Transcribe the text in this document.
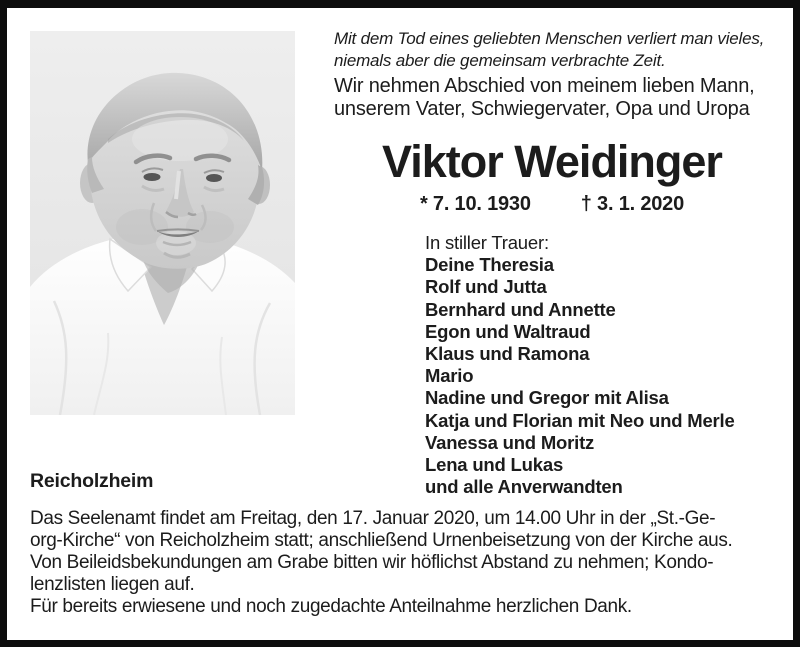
Mit dem Tod eines geliebten Menschen verliert man vieles,
niemals aber die gemeinsam verbrachte Zeit.
Wir nehmen Abschied von meinem lieben Mann,
unserem Vater, Schwiegervater, Opa und Uropa
Viktor Weidinger
* 7. 10. 1930	† 3. 1. 2020
In stiller Trauer:
Deine Theresia
Rolf und Jutta
Bernhard und Annette
Egon und Waltraud
Klaus und Ramona
Mario
Nadine und Gregor mit Alisa
Katja und Florian mit Neo und Merle
Vanessa und Moritz
Lena und Lukas
und alle Anverwandten
Reicholzheim
Das Seelenamt findet am Freitag, den 17. Januar 2020, um 14.00 Uhr in der „St.-Ge-
org-Kirche“ von Reicholzheim statt; anschließend Urnenbeisetzung von der Kirche aus.
Von Beileidsbekundungen am Grabe bitten wir höflichst Abstand zu nehmen; Kondo-
lenzlisten liegen auf.
Für bereits erwiesene und noch zugedachte Anteilnahme herzlichen Dank.
